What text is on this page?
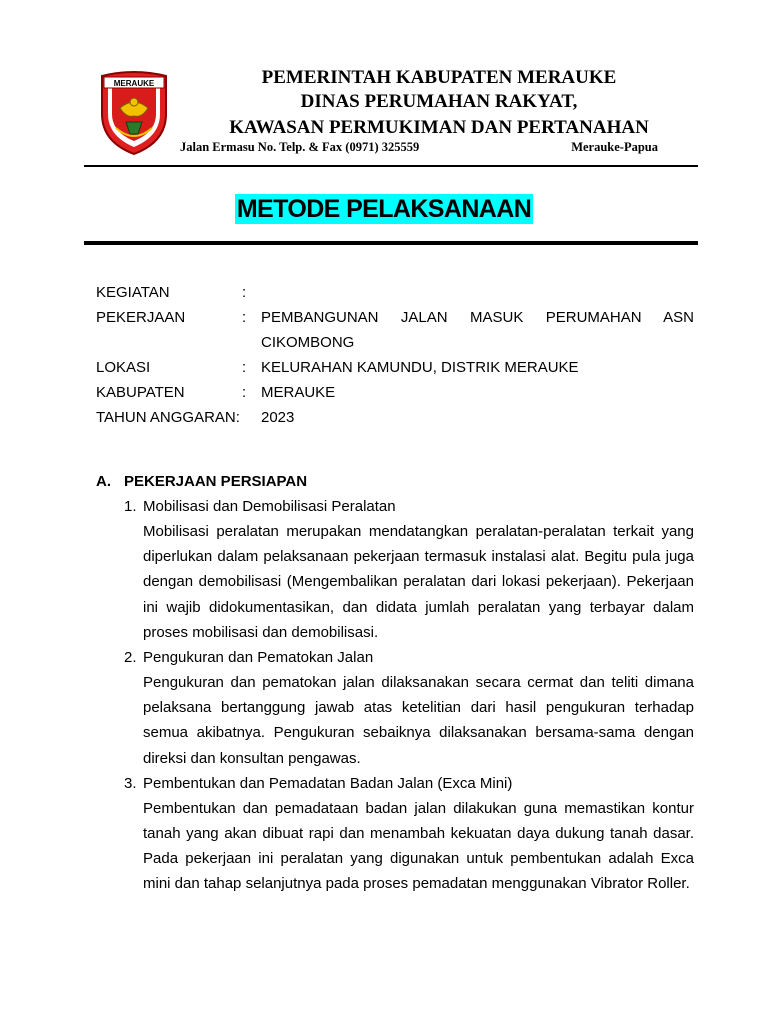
MERAUKE	PEMERINTAH KABUPATEN MERAUKE
DINAS PERUMAHAN RAKYAT,
KAWASAN PERMUKIMAN DAN PERTANAHAN
Jalan Ermasu No. Telp. & Fax (0971) 325559	Merauke-Papua
METODE PELAKSANAAN
KEGIATAN	:
PEKERJAAN	: PEMBANGUNAN JALAN MASUK PERUMAHAN ASN CIKOMBONG
LOKASI	: KELURAHAN KAMUNDU, DISTRIK MERAUKE
KABUPATEN	: MERAUKE
TAHUN ANGGARAN: 2023
A. PEKERJAAN PERSIAPAN
1. Mobilisasi dan Demobilisasi Peralatan
Mobilisasi peralatan merupakan mendatangkan peralatan-peralatan terkait yang diperlukan dalam pelaksanaan pekerjaan termasuk instalasi alat. Begitu pula juga dengan demobilisasi (Mengembalikan peralatan dari lokasi pekerjaan). Pekerjaan ini wajib didokumentasikan, dan didata jumlah peralatan yang terbayar dalam proses mobilisasi dan demobilisasi.
2. Pengukuran dan Pematokan Jalan
Pengukuran dan pematokan jalan dilaksanakan secara cermat dan teliti dimana pelaksana bertanggung jawab atas ketelitian dari hasil pengukuran terhadap semua akibatnya. Pengukuran sebaiknya dilaksanakan bersama-sama dengan direksi dan konsultan pengawas.
3. Pembentukan dan Pemadatan Badan Jalan (Exca Mini)
Pembentukan dan pemadataan badan jalan dilakukan guna memastikan kontur tanah yang akan dibuat rapi dan menambah kekuatan daya dukung tanah dasar. Pada pekerjaan ini peralatan yang digunakan untuk pembentukan adalah Exca mini dan tahap selanjutnya pada proses pemadatan menggunakan Vibrator Roller.
